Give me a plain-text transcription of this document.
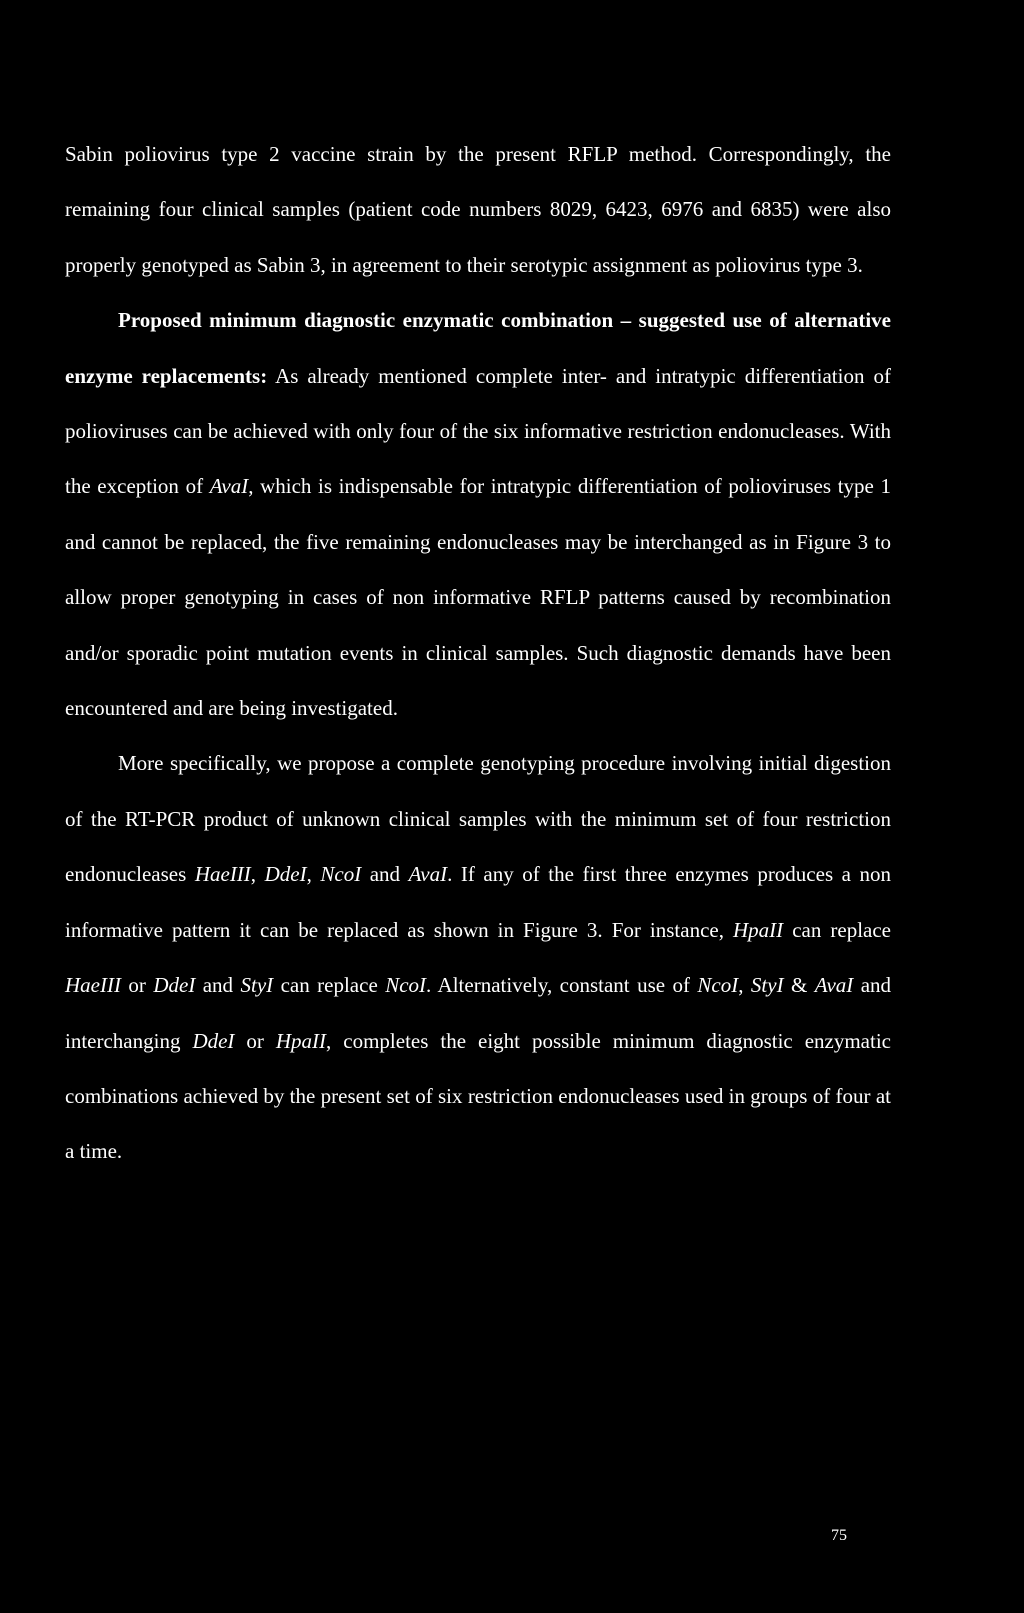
Sabin poliovirus type 2 vaccine strain by the present RFLP method. Correspondingly, the remaining four clinical samples (patient code numbers 8029, 6423, 6976 and 6835) were also properly genotyped as Sabin 3, in agreement to their serotypic assignment as poliovirus type 3.

Proposed minimum diagnostic enzymatic combination – suggested use of alternative enzyme replacements: As already mentioned complete inter- and intratypic differentiation of polioviruses can be achieved with only four of the six informative restriction endonucleases. With the exception of AvaI, which is indispensable for intratypic differentiation of polioviruses type 1 and cannot be replaced, the five remaining endonucleases may be interchanged as in Figure 3 to allow proper genotyping in cases of non informative RFLP patterns caused by recombination and/or sporadic point mutation events in clinical samples. Such diagnostic demands have been encountered and are being investigated.

More specifically, we propose a complete genotyping procedure involving initial digestion of the RT-PCR product of unknown clinical samples with the minimum set of four restriction endonucleases HaeIII, DdeI, NcoI and AvaI. If any of the first three enzymes produces a non informative pattern it can be replaced as shown in Figure 3. For instance, HpaII can replace HaeIII or DdeI and StyI can replace NcoI. Alternatively, constant use of NcoI, StyI & AvaI and interchanging DdeI or HpaII, completes the eight possible minimum diagnostic enzymatic combinations achieved by the present set of six restriction endonucleases used in groups of four at a time.

75
